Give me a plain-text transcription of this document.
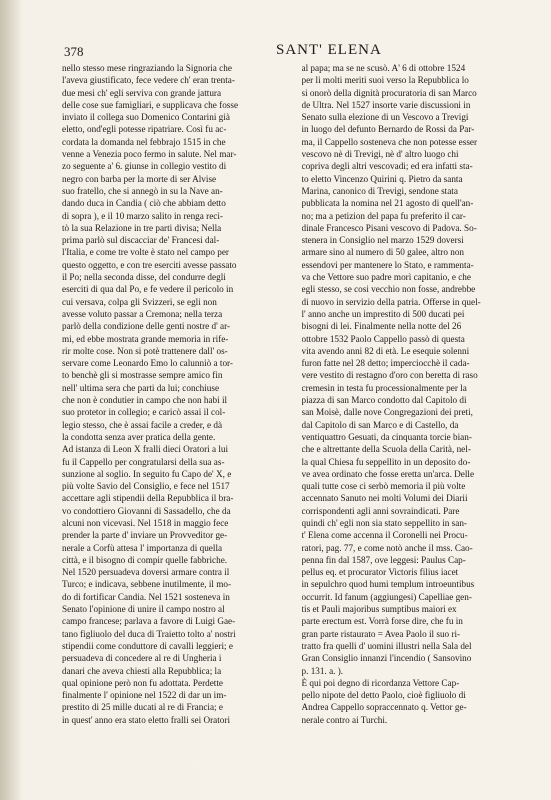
378	SANT' ELENA
nello stesso mese ringraziando la Signoria che
l'aveva giustificato, fece vedere ch' eran trenta-
due mesi ch' egli serviva con grande jattura
delle cose sue famigliari, e supplicava che fosse
inviato il collega suo Domenico Contarini già
eletto, ond'egli potesse ripatriare. Così fu ac-
cordata la domanda nel febbrajo 1515 in che
venne a Venezia poco fermo in salute. Nel mar-
zo seguente a' 6. giunse in collegio vestito di
negro con barba per la morte di ser Alvise
suo fratello, che si annegò in su la Nave an-
dando duca in Candia ( ciò che abbiam detto
di sopra ), e il 10 marzo salito in renga recì-
tò la sua Relazione in tre parti divisa; Nella
prima parlò sul discacciar de' Francesi dal-
l'Italia, e come tre volte è stato nel campo per
questo oggetto, e con tre eserciti avesse passato
il Po; nella seconda disse, del condurre degli
eserciti di qua dal Po, e fe vedere il pericolo in
cui versava, colpa gli Svizzeri, se egli non
avesse voluto passar a Cremona; nella terza
parlò della condizione delle genti nostre d' ar-
mi, ed ebbe mostrata grande memoria in rife-
rir molte cose. Non si potè trattenere dall' os-
servare come Leonardo Emo lo calunniò a tor-
to benchè gli si mostrasse sempre amico fin
nell' ultima sera che parti da lui; conchiuse
che non è condutier in campo che non habi il
suo protetor in collegio; e caricò assai il col-
legio stesso, che è assai facile a creder, e dà
la condotta senza aver pratica della gente.
Ad istanza di Leon X fralli dieci Oratori a lui
fu il Cappello per congratularsi della sua as-
sunzione al soglio. In seguito fu Capo de' X, e
più volte Savio del Consiglio, e fece nel 1517
accettare agli stipendii della Repubblica il bra-
vo condottiero Giovanni di Sassadello, che da
alcuni non vicevasi. Nel 1518 in maggio fece
prender la parte d' inviare un Provveditor ge-
nerale a Corfù attesa l' importanza di quella
città, e il bisogno di compir quelle fabbriche.
Nel 1520 persuadeva doversi armare contra il
Turco; e indicava, sebbene inutilmente, il mo-
do di fortificar Candia. Nel 1521 sosteneva in
Senato l'opinione di unire il campo nostro al
campo francese; parlava a favore di Luigi Gae-
tano figliuolo del duca di Traietto tolto a' nostri
stipendii come conduttore di cavalli leggieri; e
persuadeva di concedere al re di Ungheria i
danari che aveva chiesti alla Repubblica; la
qual opinione però non fu adottata. Perdette
finalmente l' opinione nel 1522 di dar un im-
prestito di 25 mille ducati al re di Francia; e
in quest' anno era stato eletto fralli sei Oratori
al papa; ma se ne scusò. A' 6 di ottobre 1524
per li molti meriti suoi verso la Repubblica lo
si onorò della dignità procuratoria di san Marco
de Ultra. Nel 1527 insorte varie discussioni in
Senato sulla elezione di un Vescovo a Trevigi
in luogo del defunto Bernardo de Rossi da Par-
ma, il Cappello sosteneva che non potesse esser
vescovo nè di Trevigi, nè d' altro luogo chi
coprivа degli altri vescovadi; ed era infatti sta-
to eletto Vincenzo Quirini q. Pietro da santa
Marina, canonico di Trevigi, sendone stata
pubblicata la nomina nel 21 agosto di quell'an-
no; ma a petizion del papa fu preferito il car-
dinale Francesco Pisani vescovo di Padova. So-
stenera in Consiglio nel marzo 1529 doversi
armare sino al numero di 50 galee, altro non
essendovi per mantenere lo Stato, e rammenta-
va che Vettore suo padre morì capitanio, e che
egli stesso, se cosi vecchio non fosse, andrebbe
di nuovo in servizio della patria. Offerse in quel-
l' anno anche un imprestito di 500 ducati pei
bisogni di lei. Finalmente nella notte del 26
ottobre 1532 Paolo Cappello passò di questa
vita avendo anni 82 di età. Le esequie solenni
furon fatte nel 28 detto; imperciocchè il cada-
vere vestito di restagno d'oro con beretta di raso
cremesin in testa fu processionalmente per la
piazza di san Marco condotto dal Capitolo di
san Moisè, dalle nove Congregazioni dei preti,
dal Capitolo di san Marco e di Castello, da
ventiquattro Gesuati, da cinquanta torcie bian-
che e altrettante della Scuola della Carità, nel-
la qual Chiesa fu seppellito in un deposito do-
ve avea ordinato che fosse eretta un'arca. Delle
quali tutte cose ci serbò memoria il più volte
accennato Sanuto nei molti Volumi dei Diarii
corrispondenti agli anni sovraindicati. Pare
quindi ch' egli non sia stato seppellito in san-
t' Elena come accenna il Coronelli nei Procu-
ratori, pag. 77, e come notò anche il mss. Cao-
penna fin dal 1587, ove leggesi: Paulus Cap-
pellus eq. et procurator Victoris filius iacet
in sepulchro quod humi templum introeuntibus
occurrit. Id fanum (aggiungesi) Capelliae gen-
tis et Pauli majoribus sumptibus maiori ex
parte erectum est. Vorrà forse dire, che fu in
gran parte ristaurato = Avea Paolo il suo ri-
tratto fra quelli d' uomini illustri nella Sala del
Gran Consiglio innanzi l'incendio ( Sansovino
p. 131. a. ).
È qui poi degno di ricordanza Vettore Cap-
pello nipote del detto Paolo, cioè figliuolo di
Andrea Cappello sopraccennato q. Vettor ge-
nerale contro ai Turchi.
